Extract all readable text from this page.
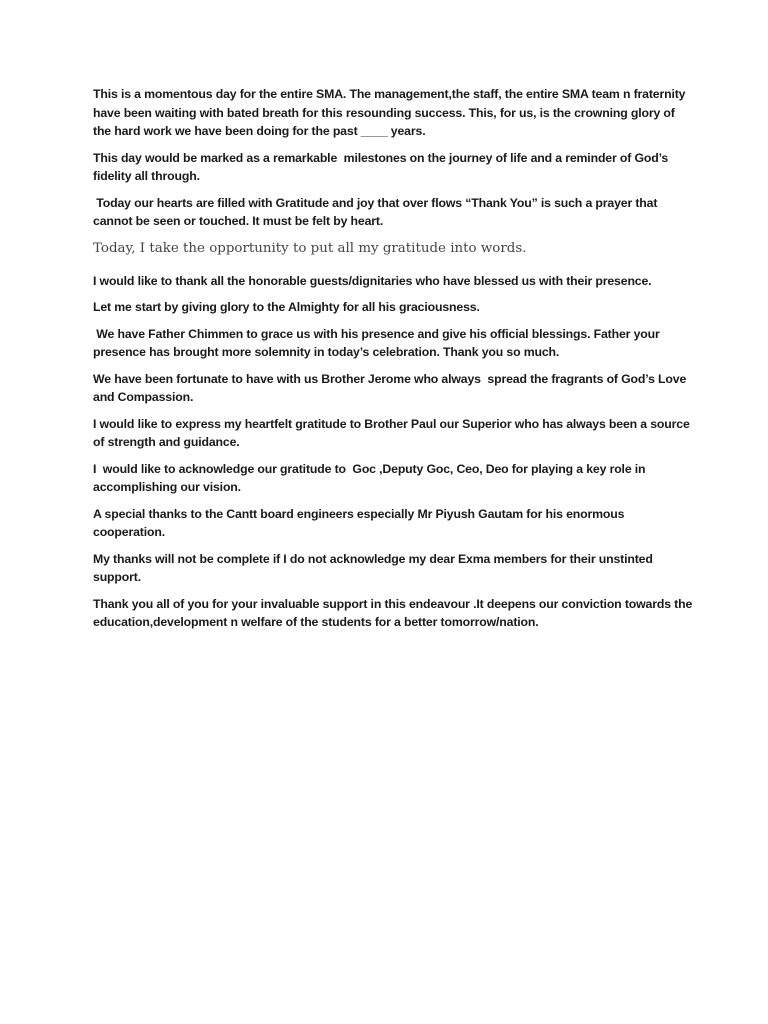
This is a momentous day for the entire SMA. The management,the staff, the entire SMA team n fraternity have been waiting with bated breath for this resounding success. This, for us, is the crowning glory of the hard work we have been doing for the past ____ years.

This day would be marked as a remarkable  milestones on the journey of life and a reminder of God’s fidelity all through.

Today our hearts are filled with Gratitude and joy that over flows “Thank You” is such a prayer that cannot be seen or touched. It must be felt by heart.

Today, I take the opportunity to put all my gratitude into words.

I would like to thank all the honorable guests/dignitaries who have blessed us with their presence.

Let me start by giving glory to the Almighty for all his graciousness.

We have Father Chimmen to grace us with his presence and give his official blessings. Father your presence has brought more solemnity in today’s celebration. Thank you so much.

We have been fortunate to have with us Brother Jerome who always  spread the fragrants of God’s Love and Compassion.

I would like to express my heartfelt gratitude to Brother Paul our Superior who has always been a source of strength and guidance.

I  would like to acknowledge our gratitude to  Goc ,Deputy Goc, Ceo, Deo for playing a key role in accomplishing our vision.

A special thanks to the Cantt board engineers especially Mr Piyush Gautam for his enormous cooperation.

My thanks will not be complete if I do not acknowledge my dear Exma members for their unstinted support.

Thank you all of you for your invaluable support in this endeavour .It deepens our conviction towards the education,development n welfare of the students for a better tomorrow/nation.
